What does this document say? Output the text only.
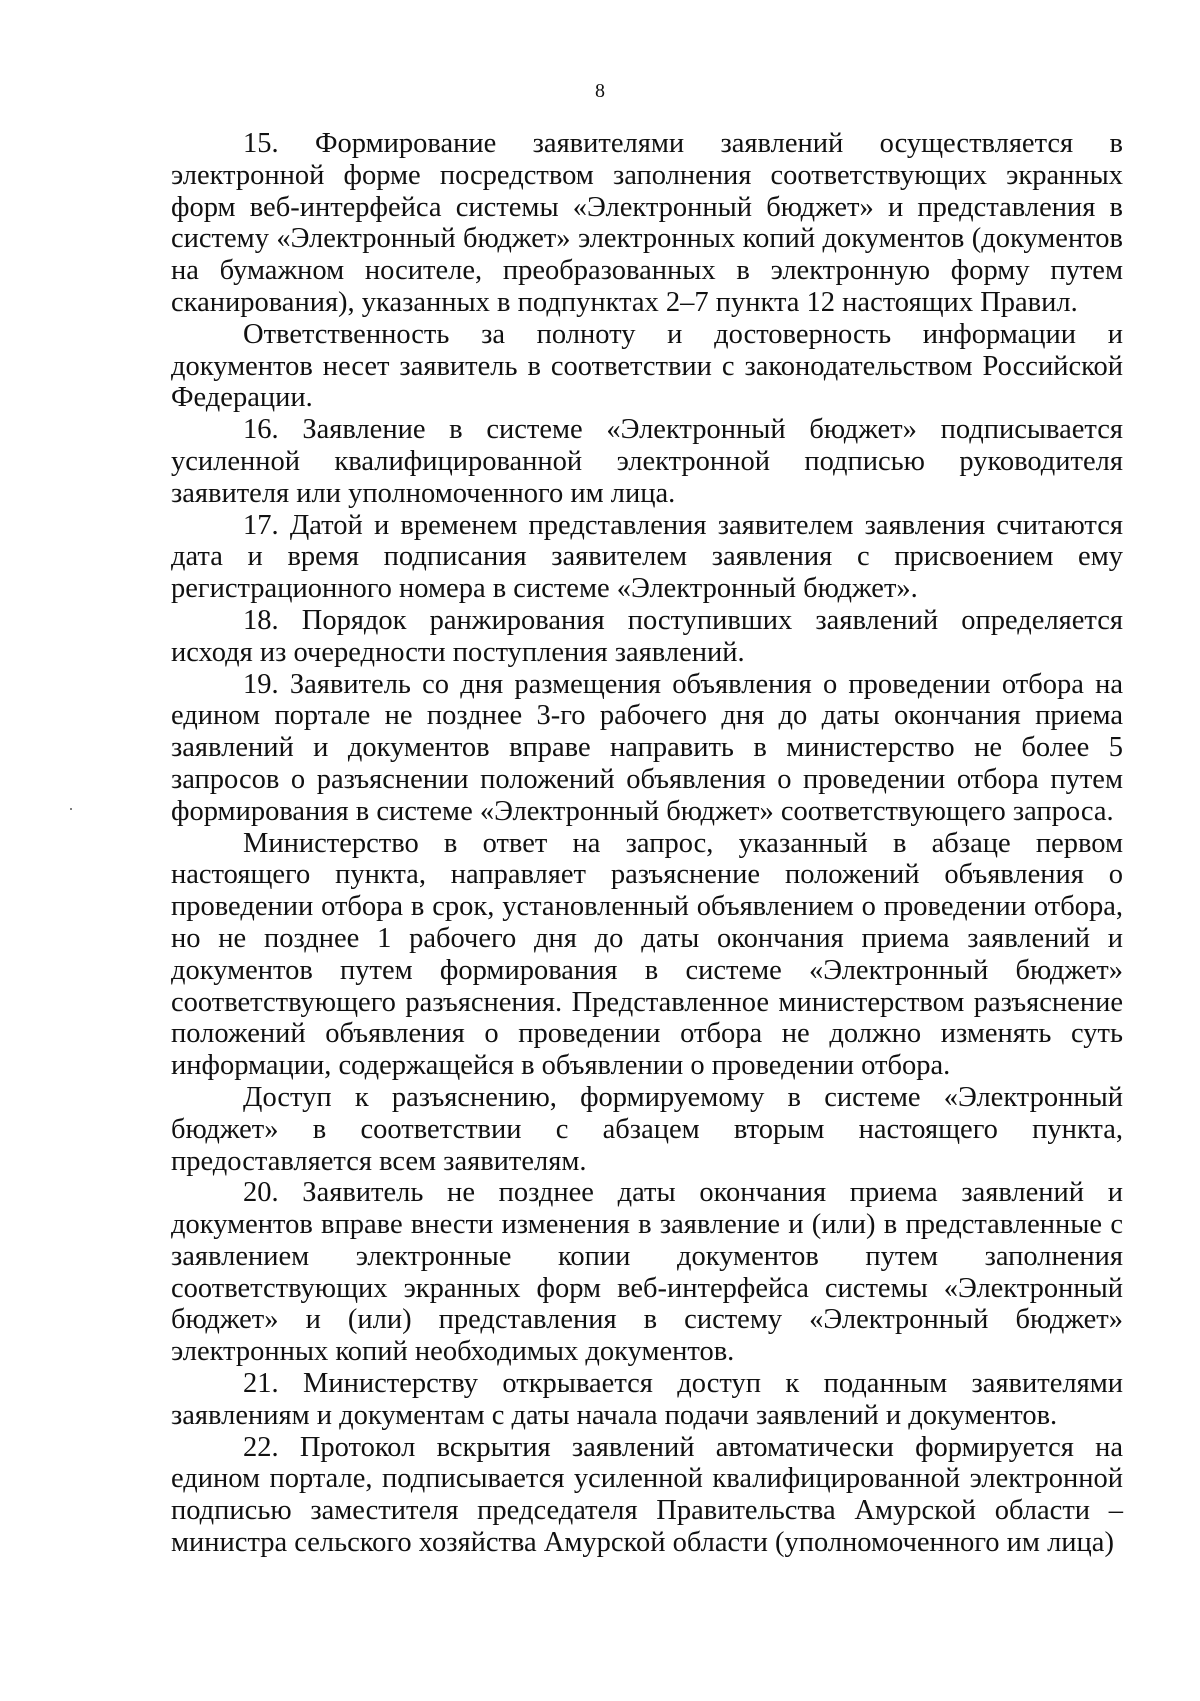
8

15. Формирование заявителями заявлений осуществляется в электронной форме посредством заполнения соответствующих экранных форм веб-интерфейса системы «Электронный бюджет» и представления в систему «Электронный бюджет» электронных копий документов (документов на бумажном носителе, преобразованных в электронную форму путем сканирования), указанных в подпунктах 2–7 пункта 12 настоящих Правил.

Ответственность за полноту и достоверность информации и документов несет заявитель в соответствии с законодательством Российской Федерации.

16. Заявление в системе «Электронный бюджет» подписывается усиленной квалифицированной электронной подписью руководителя заявителя или уполномоченного им лица.

17. Датой и временем представления заявителем заявления считаются дата и время подписания заявителем заявления с присвоением ему регистрационного номера в системе «Электронный бюджет».

18. Порядок ранжирования поступивших заявлений определяется исходя из очередности поступления заявлений.

19. Заявитель со дня размещения объявления о проведении отбора на едином портале не позднее 3-го рабочего дня до даты окончания приема заявлений и документов вправе направить в министерство не более 5 запросов о разъяснении положений объявления о проведении отбора путем формирования в системе «Электронный бюджет» соответствующего запроса.

Министерство в ответ на запрос, указанный в абзаце первом настоящего пункта, направляет разъяснение положений объявления о проведении отбора в срок, установленный объявлением о проведении отбора, но не позднее 1 рабочего дня до даты окончания приема заявлений и документов путем формирования в системе «Электронный бюджет» соответствующего разъяснения. Представленное министерством разъяснение положений объявления о проведении отбора не должно изменять суть информации, содержащейся в объявлении о проведении отбора.

Доступ к разъяснению, формируемому в системе «Электронный бюджет» в соответствии с абзацем вторым настоящего пункта, предоставляется всем заявителям.

20. Заявитель не позднее даты окончания приема заявлений и документов вправе внести изменения в заявление и (или) в представленные с заявлением электронные копии документов путем заполнения соответствующих экранных форм веб-интерфейса системы «Электронный бюджет» и (или) представления в систему «Электронный бюджет» электронных копий необходимых документов.

21. Министерству открывается доступ к поданным заявителями заявлениям и документам с даты начала подачи заявлений и документов.

22. Протокол вскрытия заявлений автоматически формируется на едином портале, подписывается усиленной квалифицированной электронной подписью заместителя председателя Правительства Амурской области – министра сельского хозяйства Амурской области (уполномоченного им лица)
